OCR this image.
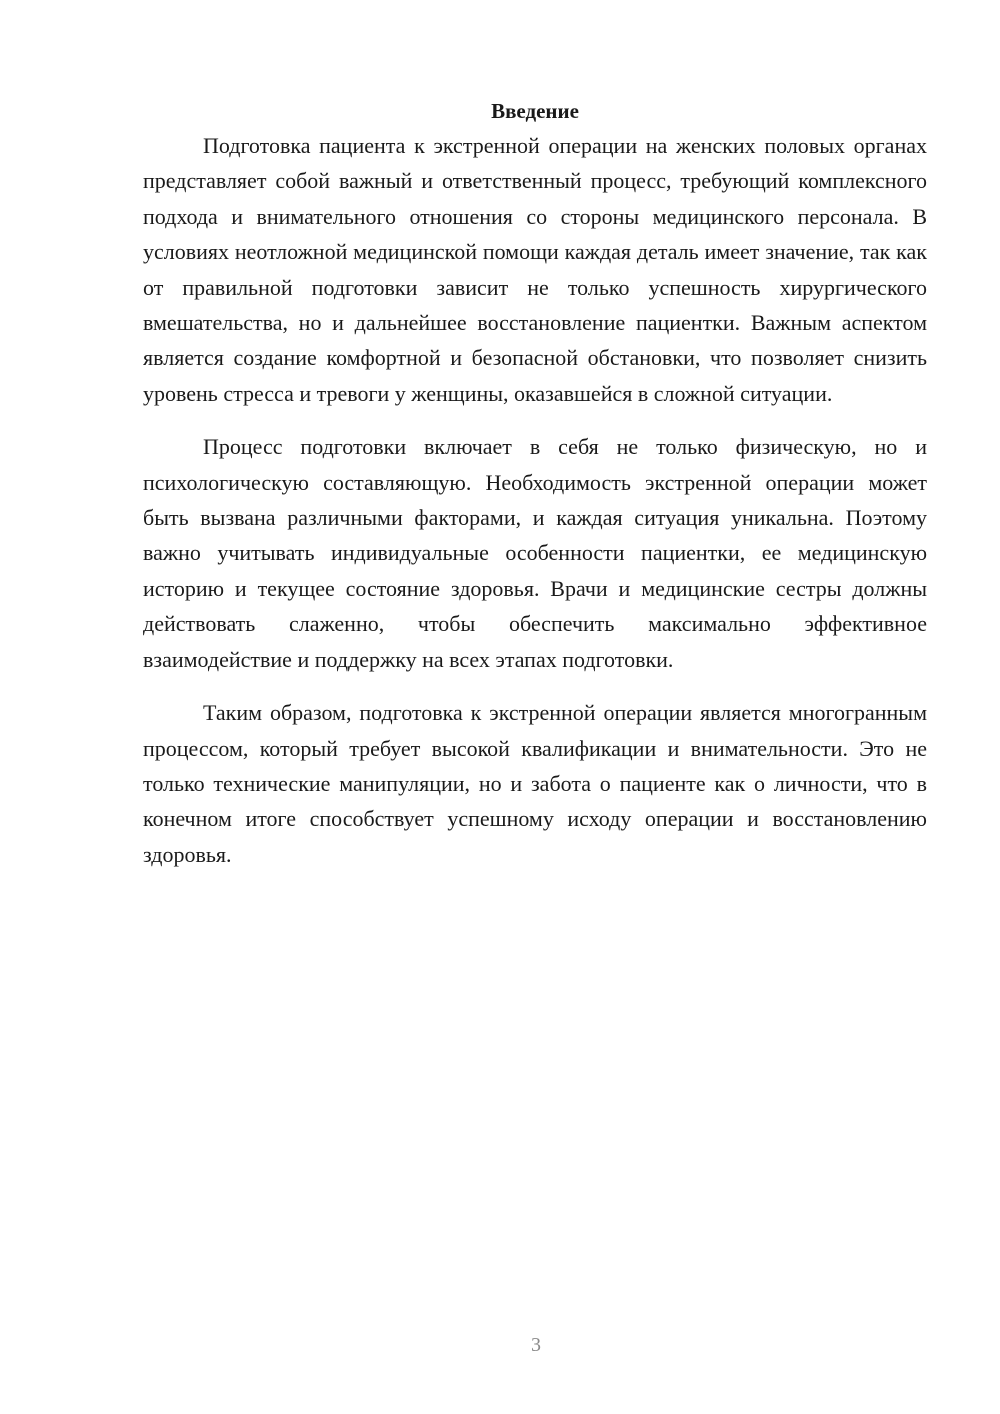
Введение

Подготовка пациента к экстренной операции на женских половых органах представляет собой важный и ответственный процесс, требующий комплексного подхода и внимательного отношения со стороны медицинского персонала. В условиях неотложной медицинской помощи каждая деталь имеет значение, так как от правильной подготовки зависит не только успешность хирургического вмешательства, но и дальнейшее восстановление пациентки. Важным аспектом является создание комфортной и безопасной обстановки, что позволяет снизить уровень стресса и тревоги у женщины, оказавшейся в сложной ситуации.

Процесс подготовки включает в себя не только физическую, но и психологическую составляющую. Необходимость экстренной операции может быть вызвана различными факторами, и каждая ситуация уникальна. Поэтому важно учитывать индивидуальные особенности пациентки, ее медицинскую историю и текущее состояние здоровья. Врачи и медицинские сестры должны действовать слаженно, чтобы обеспечить максимально эффективное взаимодействие и поддержку на всех этапах подготовки.

Таким образом, подготовка к экстренной операции является многогранным процессом, который требует высокой квалификации и внимательности. Это не только технические манипуляции, но и забота о пациенте как о личности, что в конечном итоге способствует успешному исходу операции и восстановлению здоровья.

3
